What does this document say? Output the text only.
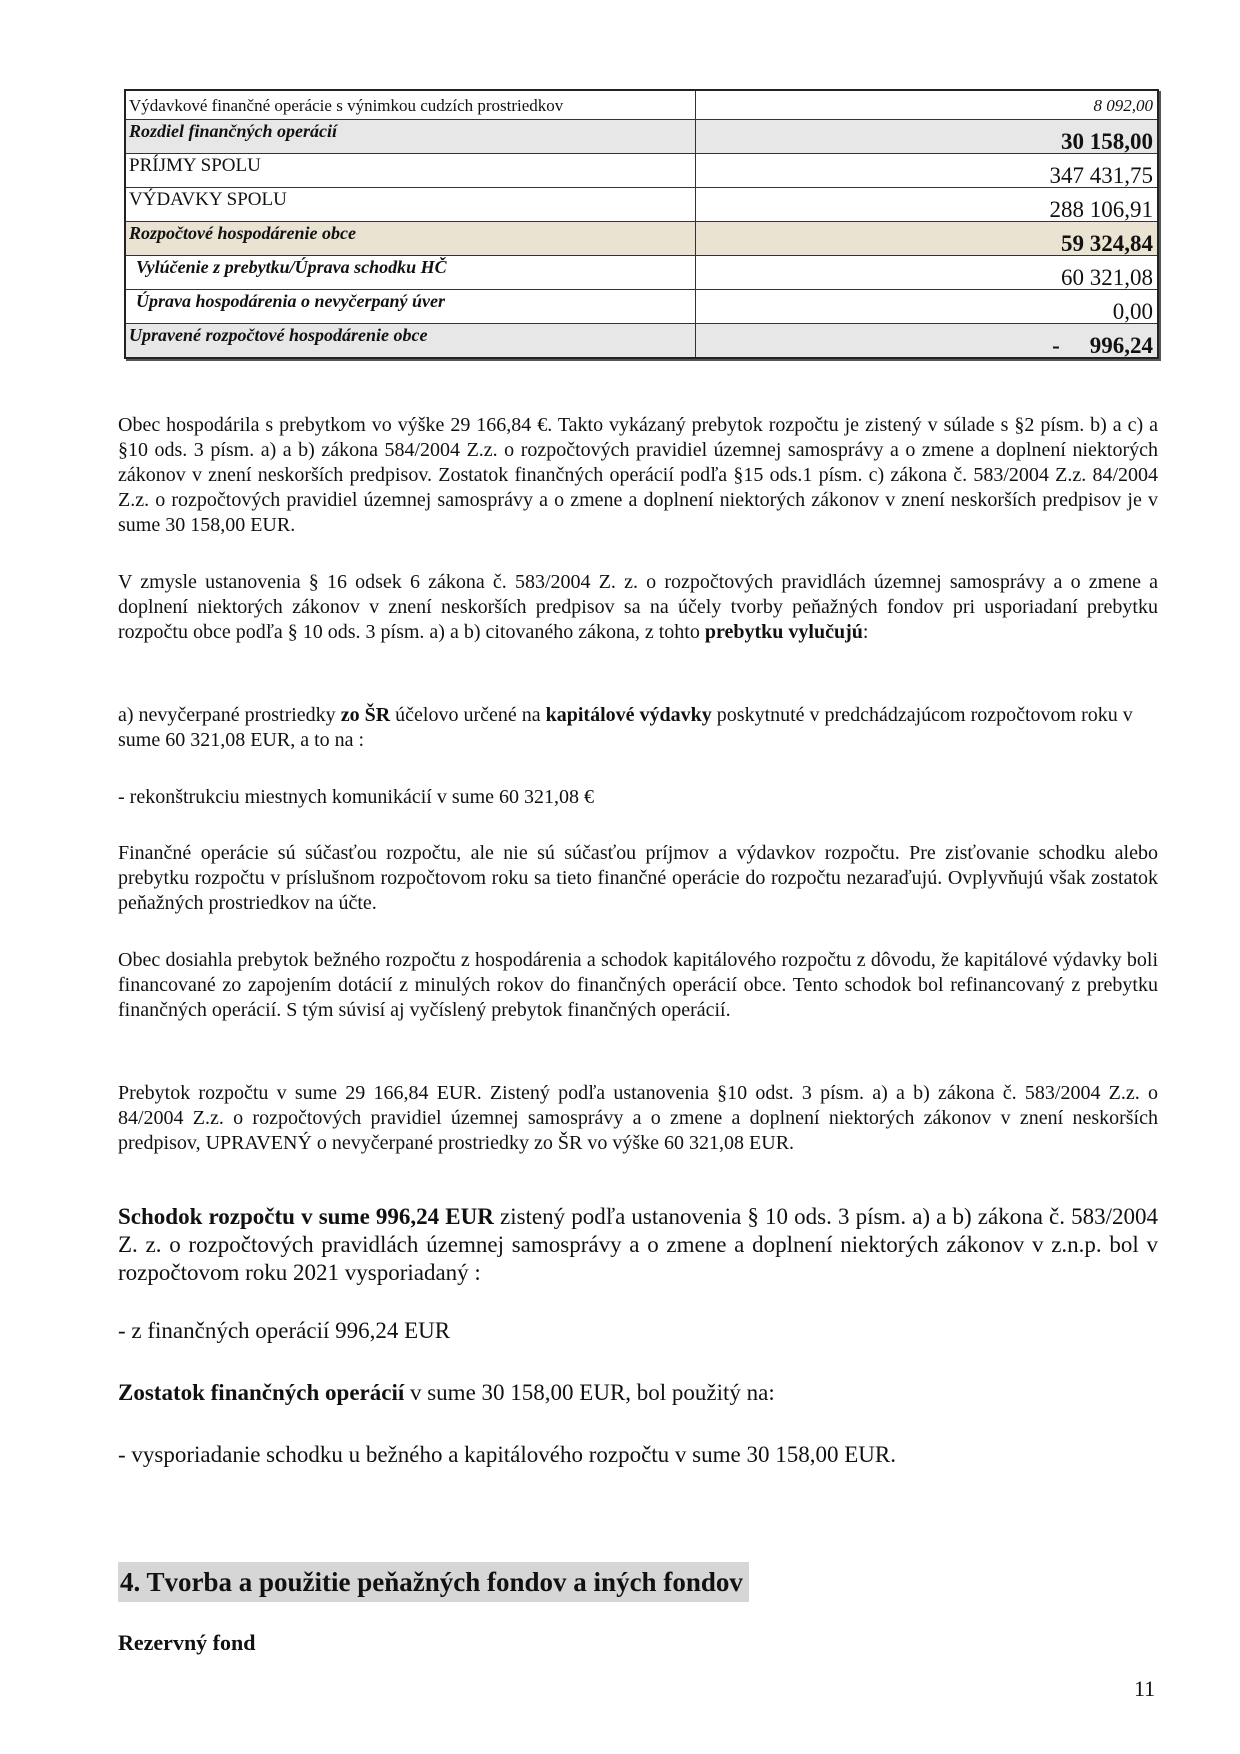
Výdavkové finančné operácie s výnimkou cudzích prostriedkov	8 092,00
Rozdiel finančných operácií	30 158,00
PRÍJMY SPOLU	347 431,75
VÝDAVKY SPOLU	288 106,91
Rozpočtové hospodárenie obce	59 324,84
Vylúčenie z prebytku/Úprava schodku HČ	60 321,08
Úprava hospodárenia o nevyčerpaný úver	0,00
Upravené rozpočtové hospodárenie obce	- 996,24

Obec hospodárila s prebytkom vo výške 29 166,84 €. Takto vykázaný prebytok rozpočtu je zistený v súlade s §2 písm. b) a c) a §10 ods. 3 písm. a) a b) zákona 584/2004 Z.z. o rozpočtových pravidiel územnej samosprávy a o zmene a doplnení niektorých zákonov v znení neskorších predpisov. Zostatok finančných operácií podľa §15 ods.1 písm. c) zákona č. 583/2004 Z.z. 84/2004 Z.z. o rozpočtových pravidiel územnej samosprávy a o zmene a doplnení niektorých zákonov v znení neskorších predpisov je v sume 30 158,00 EUR.

V zmysle ustanovenia § 16 odsek 6 zákona č. 583/2004 Z. z. o rozpočtových pravidlách územnej samosprávy a o zmene a doplnení niektorých zákonov v znení neskorších predpisov sa na účely tvorby peňažných fondov pri usporiadaní prebytku rozpočtu obce podľa § 10 ods. 3 písm. a) a b) citovaného zákona, z tohto prebytku vylučujú:

a) nevyčerpané prostriedky zo ŠR účelovo určené na kapitálové výdavky poskytnuté v predchádzajúcom rozpočtovom roku v sume 60 321,08 EUR, a to na :

- rekonštrukciu miestnych komunikácií v sume 60 321,08 €

Finančné operácie sú súčasťou rozpočtu, ale nie sú súčasťou príjmov a výdavkov rozpočtu. Pre zisťovanie schodku alebo prebytku rozpočtu v príslušnom rozpočtovom roku sa tieto finančné operácie do rozpočtu nezaraďujú. Ovplyvňujú však zostatok peňažných prostriedkov na účte.

Obec dosiahla prebytok bežného rozpočtu z hospodárenia a schodok kapitálového rozpočtu z dôvodu, že kapitálové výdavky boli financované zo zapojením dotácií z minulých rokov do finančných operácií obce. Tento schodok bol refinancovaný z prebytku finančných operácií. S tým súvisí aj vyčíslený prebytok finančných operácií.

Prebytok rozpočtu v sume 29 166,84 EUR. Zistený podľa ustanovenia §10 odst. 3 písm. a) a b) zákona č. 583/2004 Z.z. o 84/2004 Z.z. o rozpočtových pravidiel územnej samosprávy a o zmene a doplnení niektorých zákonov v znení neskorších predpisov, UPRAVENÝ o nevyčerpané prostriedky zo ŠR vo výške 60 321,08 EUR.

Schodok rozpočtu v sume 996,24 EUR zistený podľa ustanovenia § 10 ods. 3 písm. a) a b) zákona č. 583/2004 Z. z. o rozpočtových pravidlách územnej samosprávy a o zmene a doplnení niektorých zákonov v z.n.p. bol v rozpočtovom roku 2021 vysporiadaný :

- z finančných operácií 996,24 EUR

Zostatok finančných operácií v sume 30 158,00 EUR, bol použitý na:

- vysporiadanie schodku u bežného a kapitálového rozpočtu v sume 30 158,00 EUR.

4. Tvorba a použitie peňažných fondov a iných fondov
Rezervný fond
11
